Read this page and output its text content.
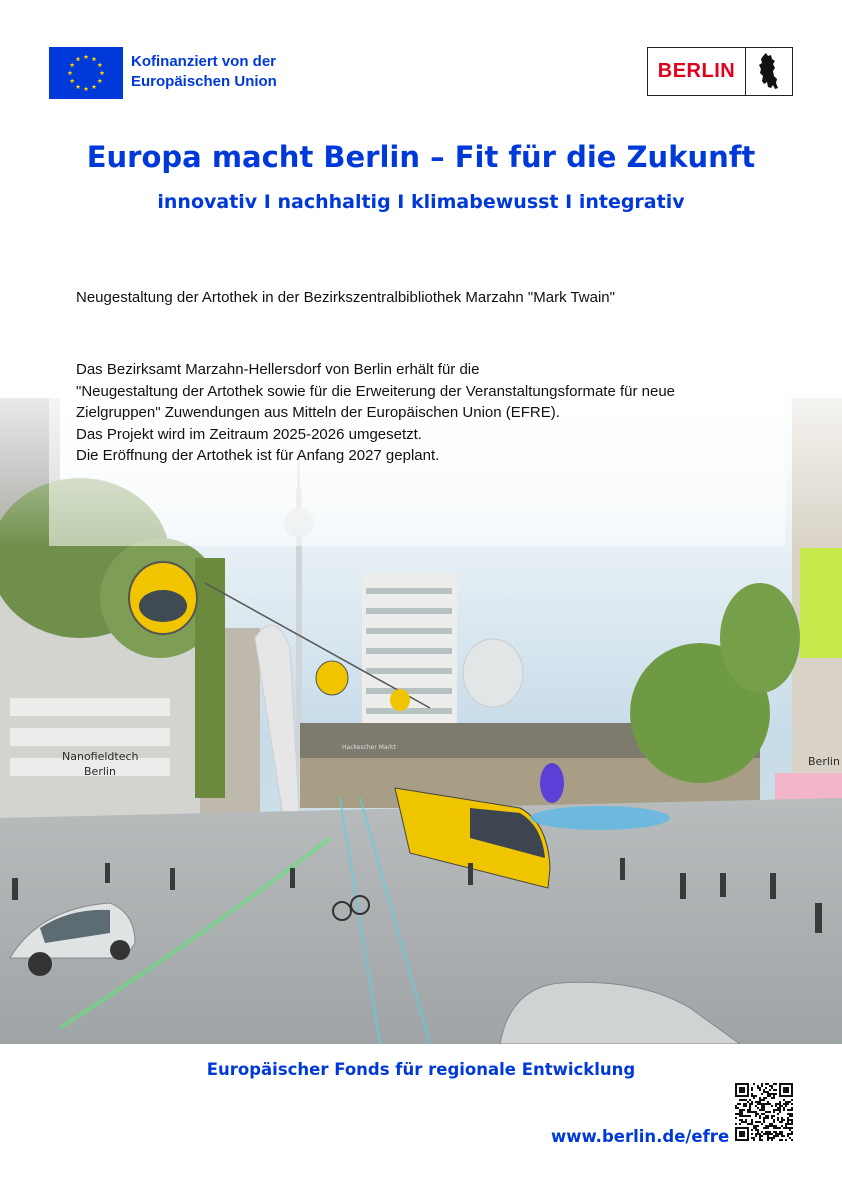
Kofinanziert von der
Europäischen Union	BERLIN
Europa macht Berlin – Fit für die Zukunft
innovativ I nachhaltig I klimabewusst I integrativ
Nanofieldtech
Berlin
Hackescher Markt
Berlin
Neugestaltung der Artothek in der Bezirkszentralbibliothek Marzahn "Mark Twain"
Das Bezirksamt Marzahn-Hellersdorf von Berlin erhält für die
"Neugestaltung der Artothek sowie für die Erweiterung der Veranstaltungsformate für neue
Zielgruppen" Zuwendungen aus Mitteln der Europäischen Union (EFRE).
Das Projekt wird im Zeitraum 2025-2026 umgesetzt.
Die Eröffnung der Artothek ist für Anfang 2027 geplant.
Europäischer Fonds für regionale Entwicklung
www.berlin.de/efre
